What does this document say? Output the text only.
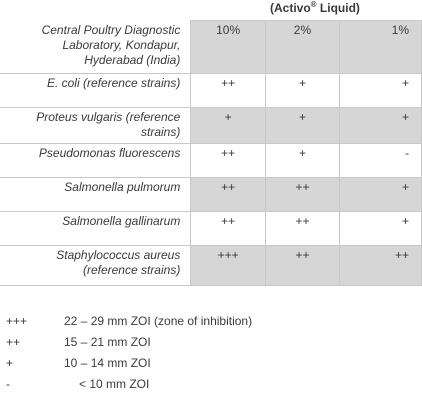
(Activo® Liquid)
Central Poultry Diagnostic Laboratory, Kondapur, Hyderabad (India)	10%	2%	1%
E. coli (reference strains)	++	+	+
Proteus vulgaris (reference strains)	+	+	+
Pseudomonas fluorescens	++	+	-
Salmonella pulmorum	++	++	+
Salmonella gallinarum	++	++	+
Staphylococcus aureus (reference strains)	+++	++	++
+++	22 – 29 mm ZOI (zone of inhibition)
++	15 – 21 mm ZOI
+	10 – 14 mm ZOI
-	< 10 mm ZOI
